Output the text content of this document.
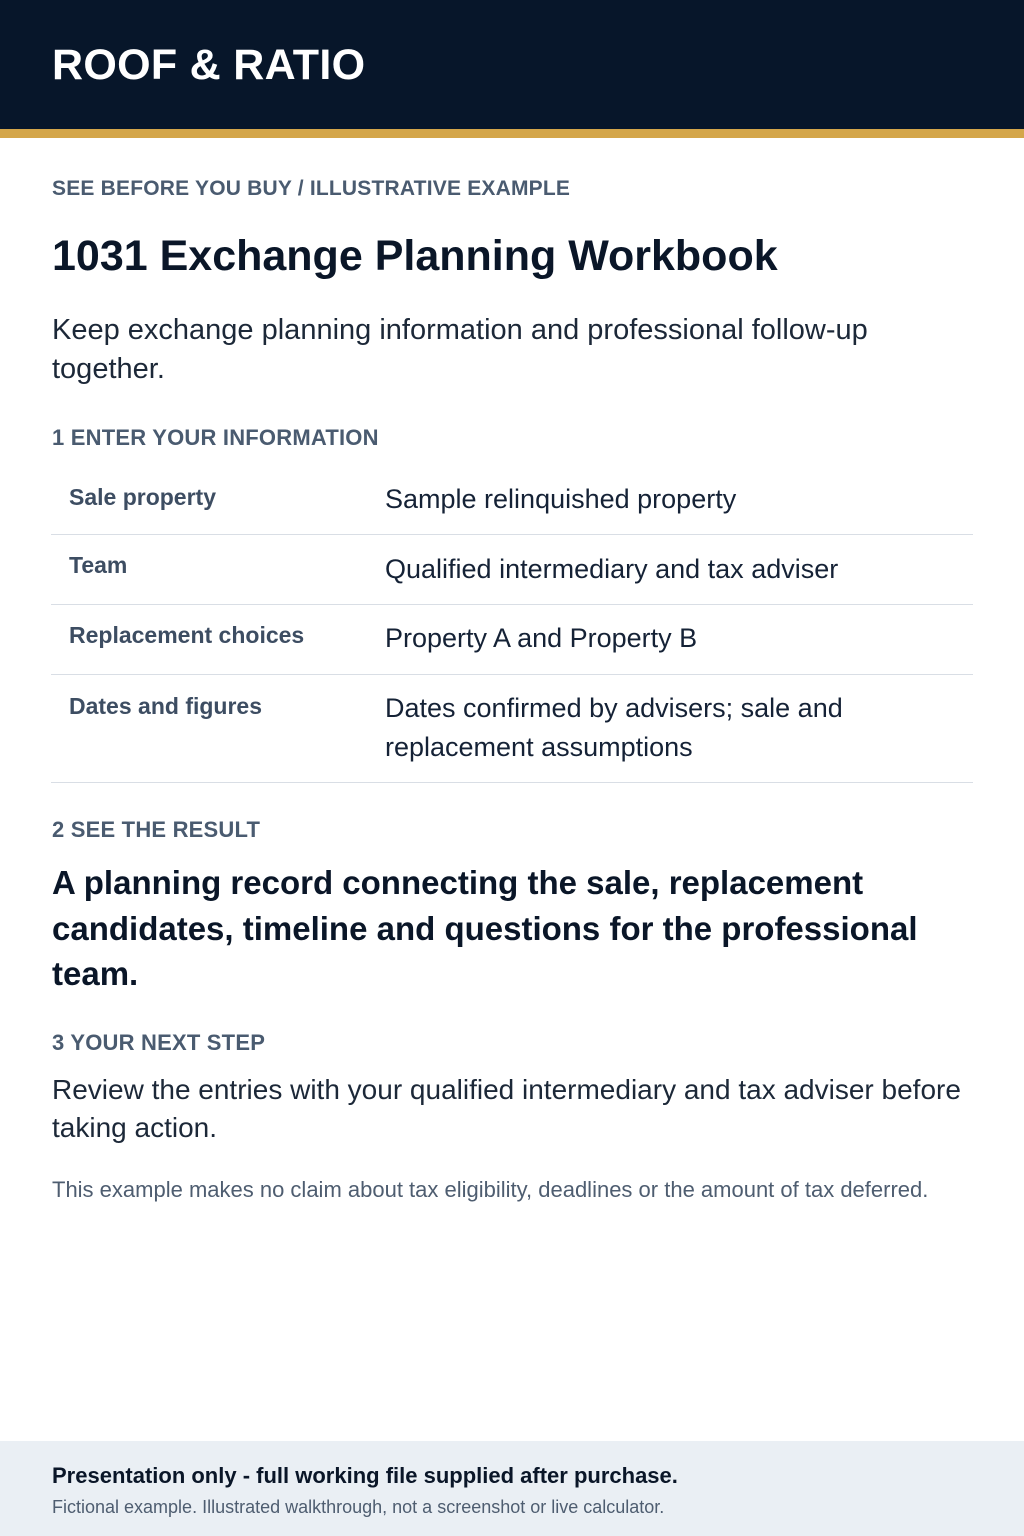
ROOF & RATIO
SEE BEFORE YOU BUY / ILLUSTRATIVE EXAMPLE
1031 Exchange Planning Workbook
Keep exchange planning information and professional follow-up together.
1 ENTER YOUR INFORMATION
Sale property	Sample relinquished property
Team	Qualified intermediary and tax adviser
Replacement choices	Property A and Property B
Dates and figures	Dates confirmed by advisers; sale and replacement assumptions
2 SEE THE RESULT
A planning record connecting the sale, replacement candidates, timeline and questions for the professional team.
3 YOUR NEXT STEP
Review the entries with your qualified intermediary and tax adviser before taking action.
This example makes no claim about tax eligibility, deadlines or the amount of tax deferred.
Presentation only - full working file supplied after purchase.
Fictional example. Illustrated walkthrough, not a screenshot or live calculator.
